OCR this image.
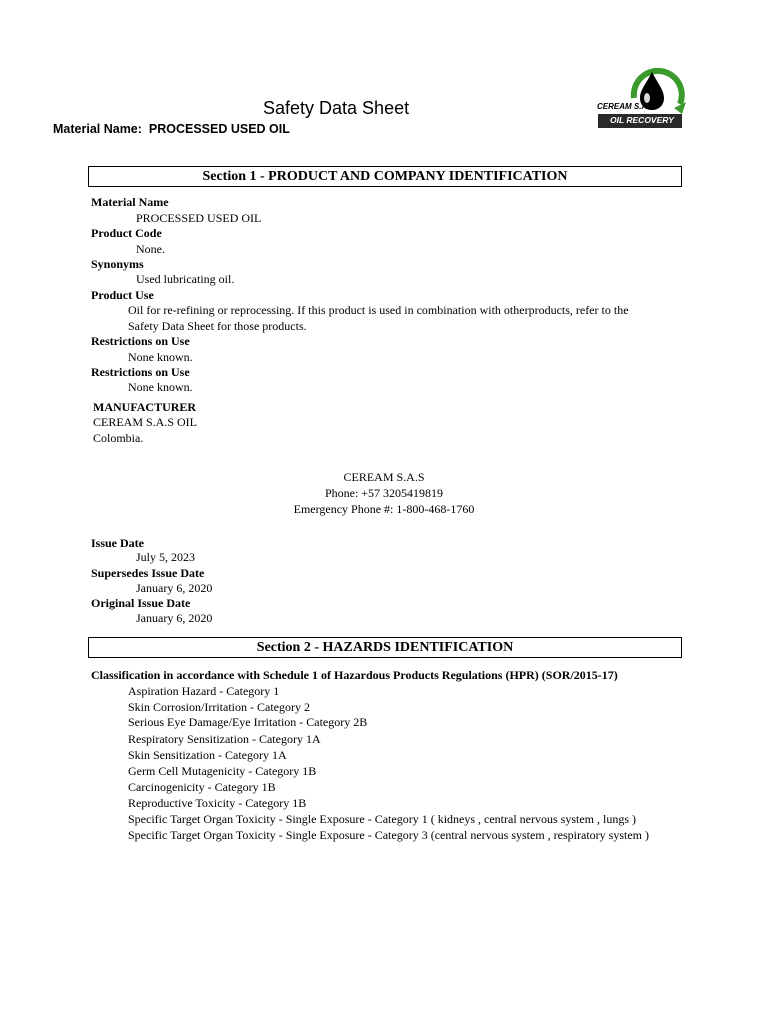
Safety Data Sheet
Material Name: PROCESSED USED OIL
CEREAM S.A.S
OIL RECOVERY
Section 1 - PRODUCT AND COMPANY IDENTIFICATION
Material Name
PROCESSED USED OIL
Product Code
None.
Synonyms
Used lubricating oil.
Product Use
Oil for re-refining or reprocessing. If this product is used in combination with otherproducts, refer to the
Safety Data Sheet for those products.
Restrictions on Use
None known.
Restrictions on Use
None known.
MANUFACTURER
CEREAM S.A.S OIL
Colombia.
CEREAM S.A.S
Phone: +57 3205419819
Emergency Phone #: 1-800-468-1760
Issue Date
July 5, 2023
Supersedes Issue Date
January 6, 2020
Original Issue Date
January 6, 2020
Section 2 - HAZARDS IDENTIFICATION
Classification in accordance with Schedule 1 of Hazardous Products Regulations (HPR) (SOR/2015-17)
Aspiration Hazard - Category 1
Skin Corrosion/Irritation - Category 2
Serious Eye Damage/Eye Irritation - Category 2B
Respiratory Sensitization - Category 1A
Skin Sensitization - Category 1A
Germ Cell Mutagenicity - Category 1B
Carcinogenicity - Category 1B
Reproductive Toxicity - Category 1B
Specific Target Organ Toxicity - Single Exposure - Category 1 ( kidneys , central nervous system , lungs )
Specific Target Organ Toxicity - Single Exposure - Category 3 (central nervous system , respiratory system )
